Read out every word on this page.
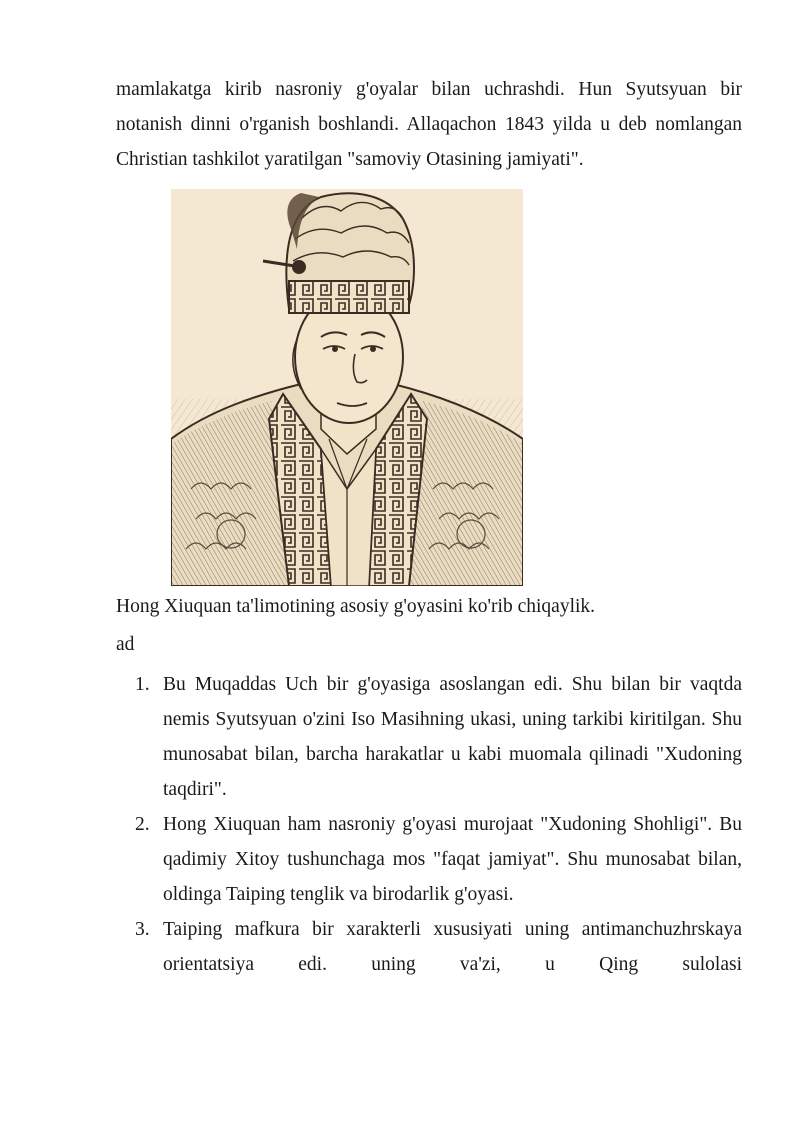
mamlakatga kirib nasroniy g'oyalar bilan uchrashdi. Hun Syutsyuan bir notanish dinni o'rganish boshlandi. Allaqachon 1843 yilda u deb nomlangan Christian tashkilot yaratilgan "samoviy Otasining jamiyati".

Hong Xiuquan ta'limotining asosiy g'oyasini ko'rib chiqaylik.

ad

1. Bu Muqaddas Uch bir g'oyasiga asoslangan edi. Shu bilan bir vaqtda nemis Syutsyuan o'zini Iso Masihning ukasi, uning tarkibi kiritilgan. Shu munosabat bilan, barcha harakatlar u kabi muomala qilinadi "Xudoning taqdiri".
2. Hong Xiuquan ham nasroniy g'oyasi murojaat "Xudoning Shohligi". Bu qadimiy Xitoy tushunchaga mos "faqat jamiyat". Shu munosabat bilan, oldinga Taiping tenglik va birodarlik g'oyasi.
3. Taiping mafkura bir xarakterli xususiyati uning antimanchuzhrskaya orientatsiya edi. uning va'zi, u Qing sulolasi
